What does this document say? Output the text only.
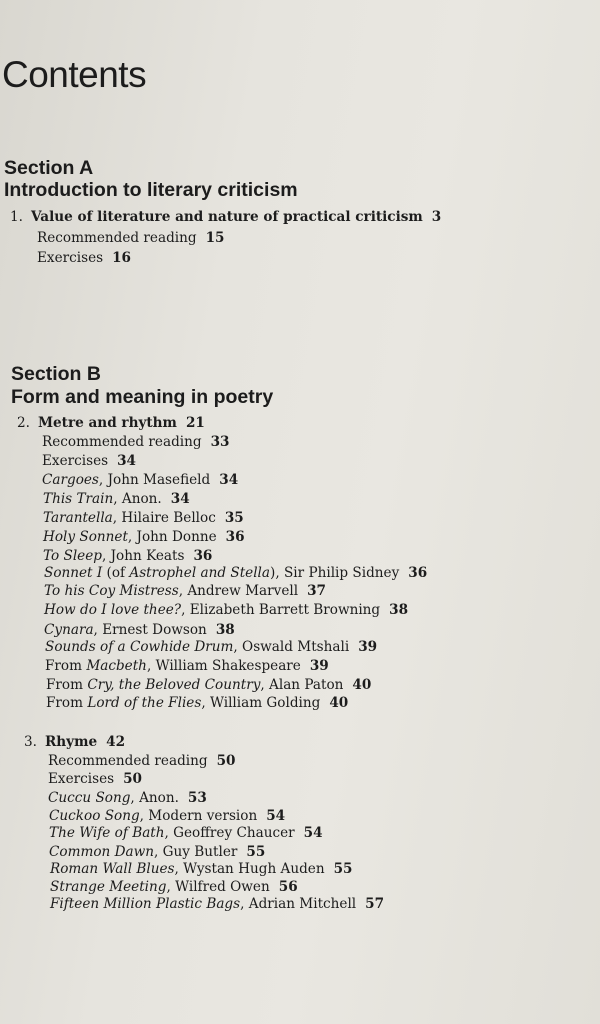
Contents
Section A
Introduction to literary criticism
1. Value of literature and nature of practical criticism 3
Recommended reading 15
Exercises 16
Section B
Form and meaning in poetry
2. Metre and rhythm 21
Recommended reading 33
Exercises 34
Cargoes, John Masefield 34
This Train, Anon. 34
Tarantella, Hilaire Belloc 35
Holy Sonnet, John Donne 36
To Sleep, John Keats 36
Sonnet I (of Astrophel and Stella), Sir Philip Sidney 36
To his Coy Mistress, Andrew Marvell 37
How do I love thee?, Elizabeth Barrett Browning 38
Cynara, Ernest Dowson 38
Sounds of a Cowhide Drum, Oswald Mtshali 39
From Macbeth, William Shakespeare 39
From Cry, the Beloved Country, Alan Paton 40
From Lord of the Flies, William Golding 40
3. Rhyme 42
Recommended reading 50
Exercises 50
Cuccu Song, Anon. 53
Cuckoo Song, Modern version 54
The Wife of Bath, Geoffrey Chaucer 54
Common Dawn, Guy Butler 55
Roman Wall Blues, Wystan Hugh Auden 55
Strange Meeting, Wilfred Owen 56
Fifteen Million Plastic Bags, Adrian Mitchell 57
